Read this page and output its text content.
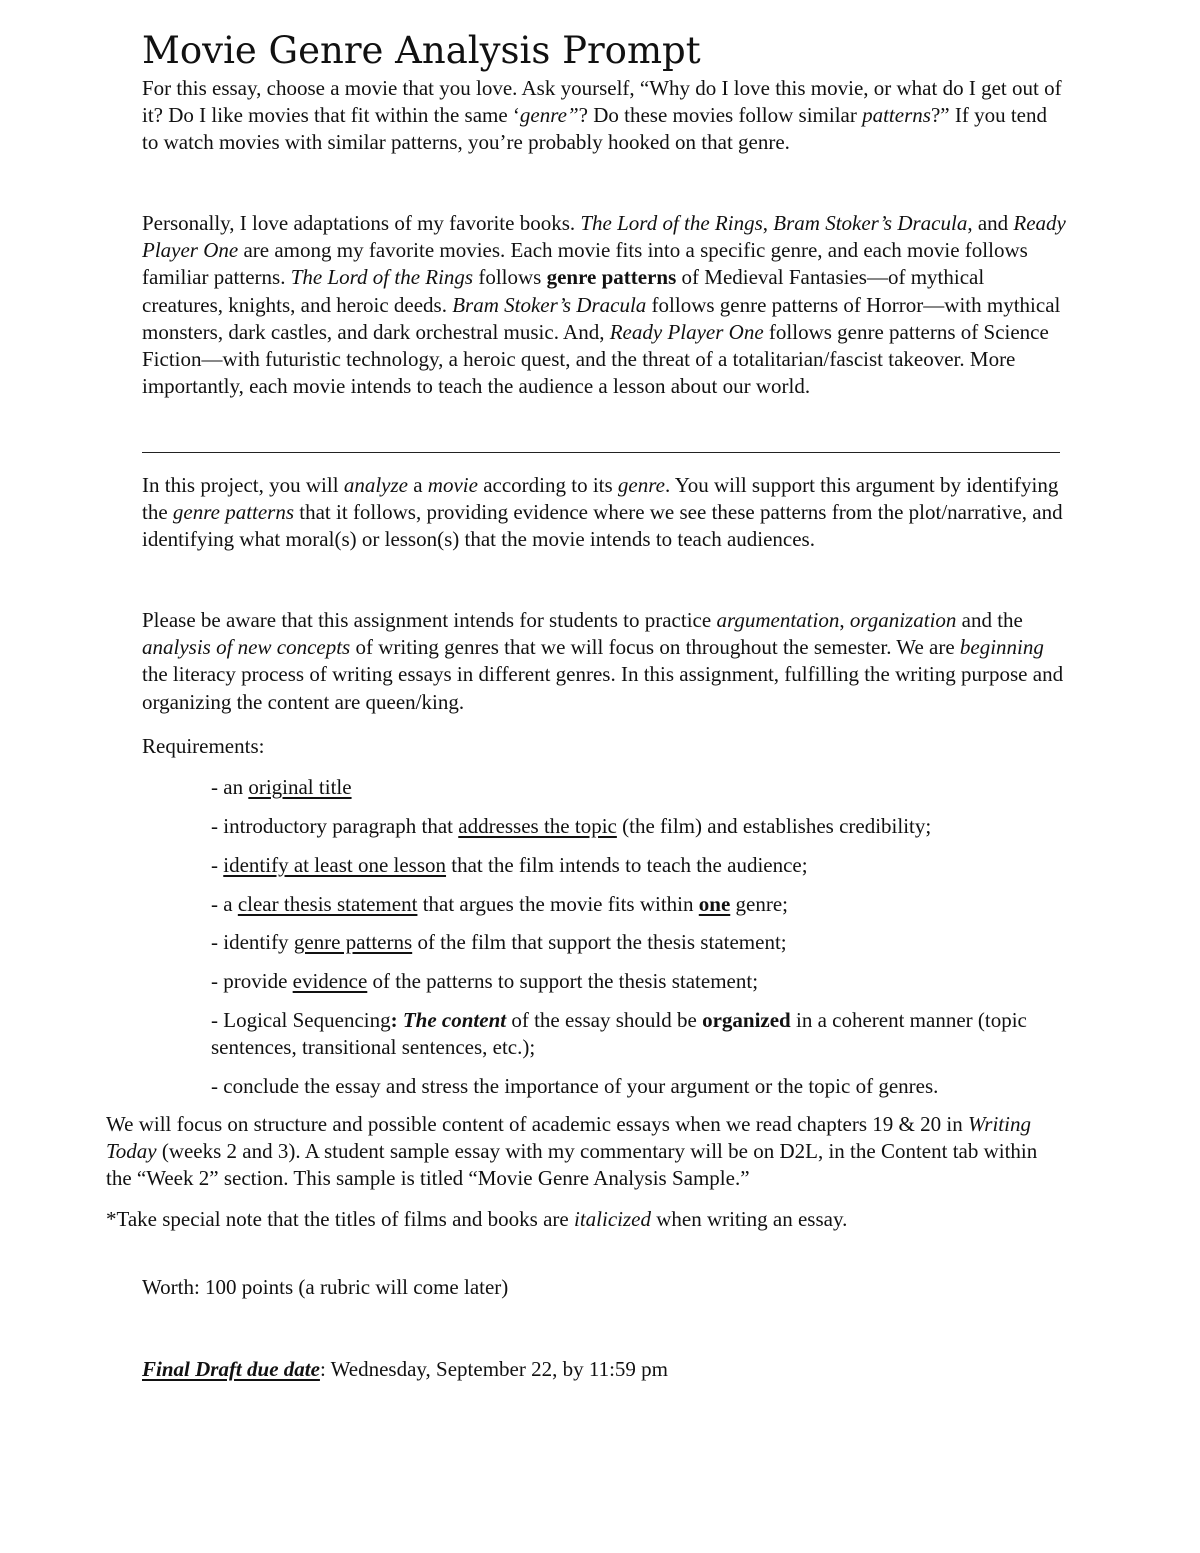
Movie Genre Analysis Prompt

For this essay, choose a movie that you love. Ask yourself, “Why do I love this movie, or what do I get out of it? Do I like movies that fit within the same ‘genre”? Do these movies follow similar patterns?” If you tend to watch movies with similar patterns, you’re probably hooked on that genre.

Personally, I love adaptations of my favorite books. The Lord of the Rings, Bram Stoker’s Dracula, and Ready Player One are among my favorite movies. Each movie fits into a specific genre, and each movie follows familiar patterns. The Lord of the Rings follows genre patterns of Medieval Fantasies—of mythical creatures, knights, and heroic deeds. Bram Stoker’s Dracula follows genre patterns of Horror—with mythical monsters, dark castles, and dark orchestral music. And, Ready Player One follows genre patterns of Science Fiction—with futuristic technology, a heroic quest, and the threat of a totalitarian/fascist takeover. More importantly, each movie intends to teach the audience a lesson about our world.

In this project, you will analyze a movie according to its genre. You will support this argument by identifying the genre patterns that it follows, providing evidence where we see these patterns from the plot/narrative, and identifying what moral(s) or lesson(s) that the movie intends to teach audiences.

Please be aware that this assignment intends for students to practice argumentation, organization and the analysis of new concepts of writing genres that we will focus on throughout the semester. We are beginning the literacy process of writing essays in different genres. In this assignment, fulfilling the writing purpose and organizing the content are queen/king.

Requirements:

- an original title

- introductory paragraph that addresses the topic (the film) and establishes credibility;

- identify at least one lesson that the film intends to teach the audience;

- a clear thesis statement that argues the movie fits within one genre;

- identify genre patterns of the film that support the thesis statement;

- provide evidence of the patterns to support the thesis statement;

- Logical Sequencing: The content of the essay should be organized in a coherent manner (topic sentences, transitional sentences, etc.);

- conclude the essay and stress the importance of your argument or the topic of genres.

We will focus on structure and possible content of academic essays when we read chapters 19 & 20 in Writing Today (weeks 2 and 3). A student sample essay with my commentary will be on D2L, in the Content tab within the “Week 2” section. This sample is titled “Movie Genre Analysis Sample.”

*Take special note that the titles of films and books are italicized when writing an essay.

Worth: 100 points (a rubric will come later)

Final Draft due date: Wednesday, September 22, by 11:59 pm
